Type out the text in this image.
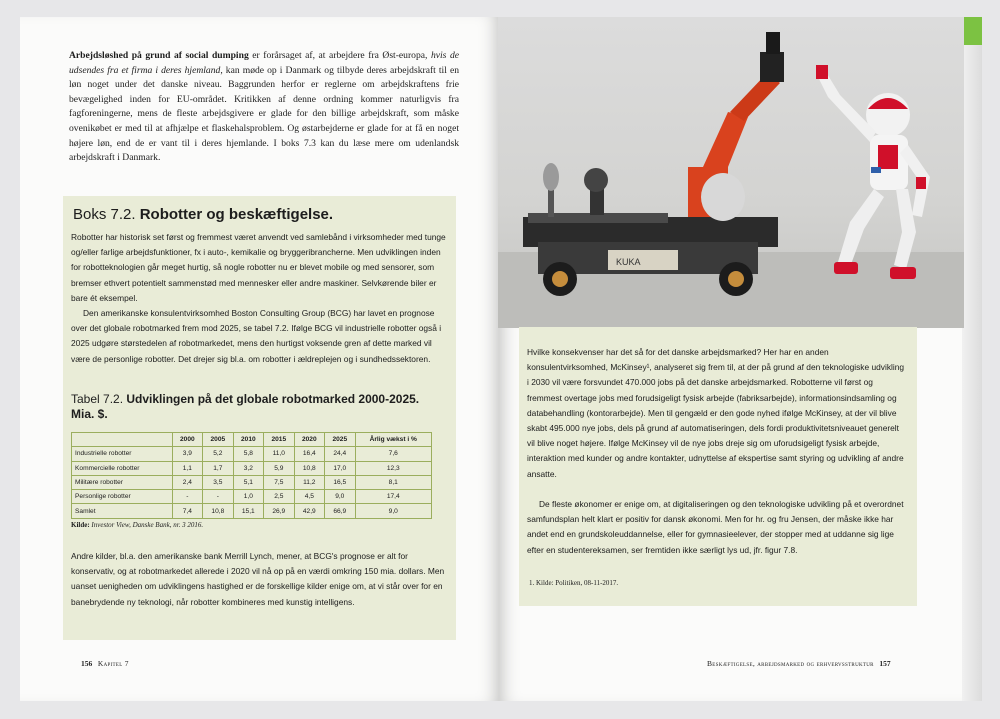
Arbejdsløshed på grund af social dumping er forårsaget af, at arbejdere fra Øst-europa, hvis de udsendes fra et firma i deres hjemland, kan møde op i Danmark og tilbyde deres arbejdskraft til en løn noget under det danske niveau. Baggrunden herfor er reglerne om arbejdskraftens frie bevægelighed inden for EU-området. Kritikken af denne ordning kommer naturligvis fra fagforeningerne, mens de fleste arbejdsgivere er glade for den billige arbejdskraft, som måske ovenikøbet er med til at afhjælpe et flaskehalsproblem. Og østarbejderne er glade for at få en noget højere løn, end de er vant til i deres hjemlande. I boks 7.3 kan du læse mere om udenlandsk arbejdskraft i Danmark.
Boks 7.2. Robotter og beskæftigelse.

Robotter har historisk set først og fremmest været anvendt ved samlebånd i virksomheder med tunge og/eller farlige arbejdsfunktioner, fx i auto-, kemikalie og bryggeribrancherne. Men udviklingen inden for robotteknologien går meget hurtig, så nogle robotter nu er blevet mobile og med sensorer, som bremser ethvert potentielt sammenstød med mennesker eller andre maskiner. Selvkørende biler er bare ét eksempel.

Den amerikanske konsulentvirksomhed Boston Consulting Group (BCG) har lavet en prognose over det globale robotmarked frem mod 2025, se tabel 7.2. Ifølge BCG vil industrielle robotter også i 2025 udgøre størstedelen af robotmarkedet, mens den hurtigst voksende gren af dette marked vil være de personlige robotter. Det drejer sig bl.a. om robotter i ældreplejen og i sundhedssektoren.

Tabel 7.2. Udviklingen på det globale robotmarked 2000-2025. Mia. $.
	2000	2005	2010	2015	2020	2025	Årlig vækst i %
Industrielle robotter	3,9	5,2	5,8	11,0	16,4	24,4	7,6
Kommercielle robotter	1,1	1,7	3,2	5,9	10,8	17,0	12,3
Militære robotter	2,4	3,5	5,1	7,5	11,2	16,5	8,1
Personlige robotter	-	-	1,0	2,5	4,5	9,0	17,4
Samlet	7,4	10,8	15,1	26,9	42,9	66,9	9,0
Kilde: Investor View, Danske Bank, nr. 3 2016.

Andre kilder, bl.a. den amerikanske bank Merrill Lynch, mener, at BCG's prognose er alt for konservativ, og at robotmarkedet allerede i 2020 vil nå op på en værdi omkring 150 mia. dollars. Men uanset uenigheden om udviklingens hastighed er de forskellige kilder enige om, at vi står over for en banebrydende ny teknologi, når robotter kombineres med kunstig intelligens.

156 Kapitel 7
KUKA

Hvilke konsekvenser har det så for det danske arbejdsmarked? Her har en anden konsulentvirksomhed, McKinsey¹, analyseret sig frem til, at der på grund af den teknologiske udvikling i 2030 vil være forsvundet 470.000 jobs på det danske arbejdsmarked. Robotterne vil først og fremmest overtage jobs med forudsigeligt fysisk arbejde (fabriksarbejde), informationsindsamling og databehandling (kontorarbejde). Men til gengæld er den gode nyhed ifølge McKinsey, at der vil blive skabt 495.000 nye jobs, dels på grund af automatiseringen, dels fordi produktivitetsniveauet generelt vil blive noget højere. Ifølge McKinsey vil de nye jobs dreje sig om uforudsigeligt fysisk arbejde, interaktion med kunder og andre kontakter, udnyttelse af ekspertise samt styring og udvikling af andre ansatte.

De fleste økonomer er enige om, at digitaliseringen og den teknologiske udvikling på et overordnet samfundsplan helt klart er positiv for dansk økonomi. Men for hr. og fru Jensen, der måske ikke har andet end en grundskoleuddannelse, eller for gymnasieelever, der stopper med at uddanne sig lige efter en studentereksamen, ser fremtiden ikke særligt lys ud, jfr. figur 7.8.

1. Kilde: Politiken, 08-11-2017.
Beskæftigelse, arbejdsmarked og erhvervsstruktur 157
